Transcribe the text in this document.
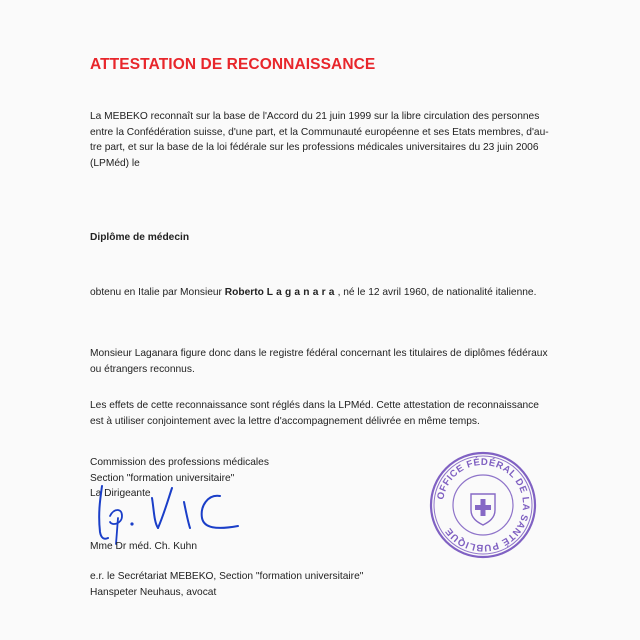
ATTESTATION DE RECONNAISSANCE

La MEBEKO reconnaît sur la base de l'Accord du 21 juin 1999 sur la libre circulation des personnes

entre la Confédération suisse, d'une part, et la Communauté européenne et ses Etats membres, d'au-

tre part, et sur la base de la loi fédérale sur les professions médicales universitaires du 23 juin 2006

(LPMéd) le

Diplôme de médecin

obtenu en Italie par Monsieur Roberto Laganara, né le 12 avril 1960, de nationalité italienne.

Monsieur Laganara figure donc dans le registre fédéral concernant les titulaires de diplômes fédéraux

ou étrangers reconnus.

Les effets de cette reconnaissance sont réglés dans la LPMéd. Cette attestation de reconnaissance

est à utiliser conjointement avec la lettre d'accompagnement délivrée en même temps.

Commission des professions médicales

Section "formation universitaire"

La Dirigeante

Mme Dr méd. Ch. Kuhn

e.r. le Secrétariat MEBEKO, Section "formation universitaire"

Hanspeter Neuhaus, avocat

OFFICE FÉDÉRAL DE LA SANTÉ PUBLIQUE
